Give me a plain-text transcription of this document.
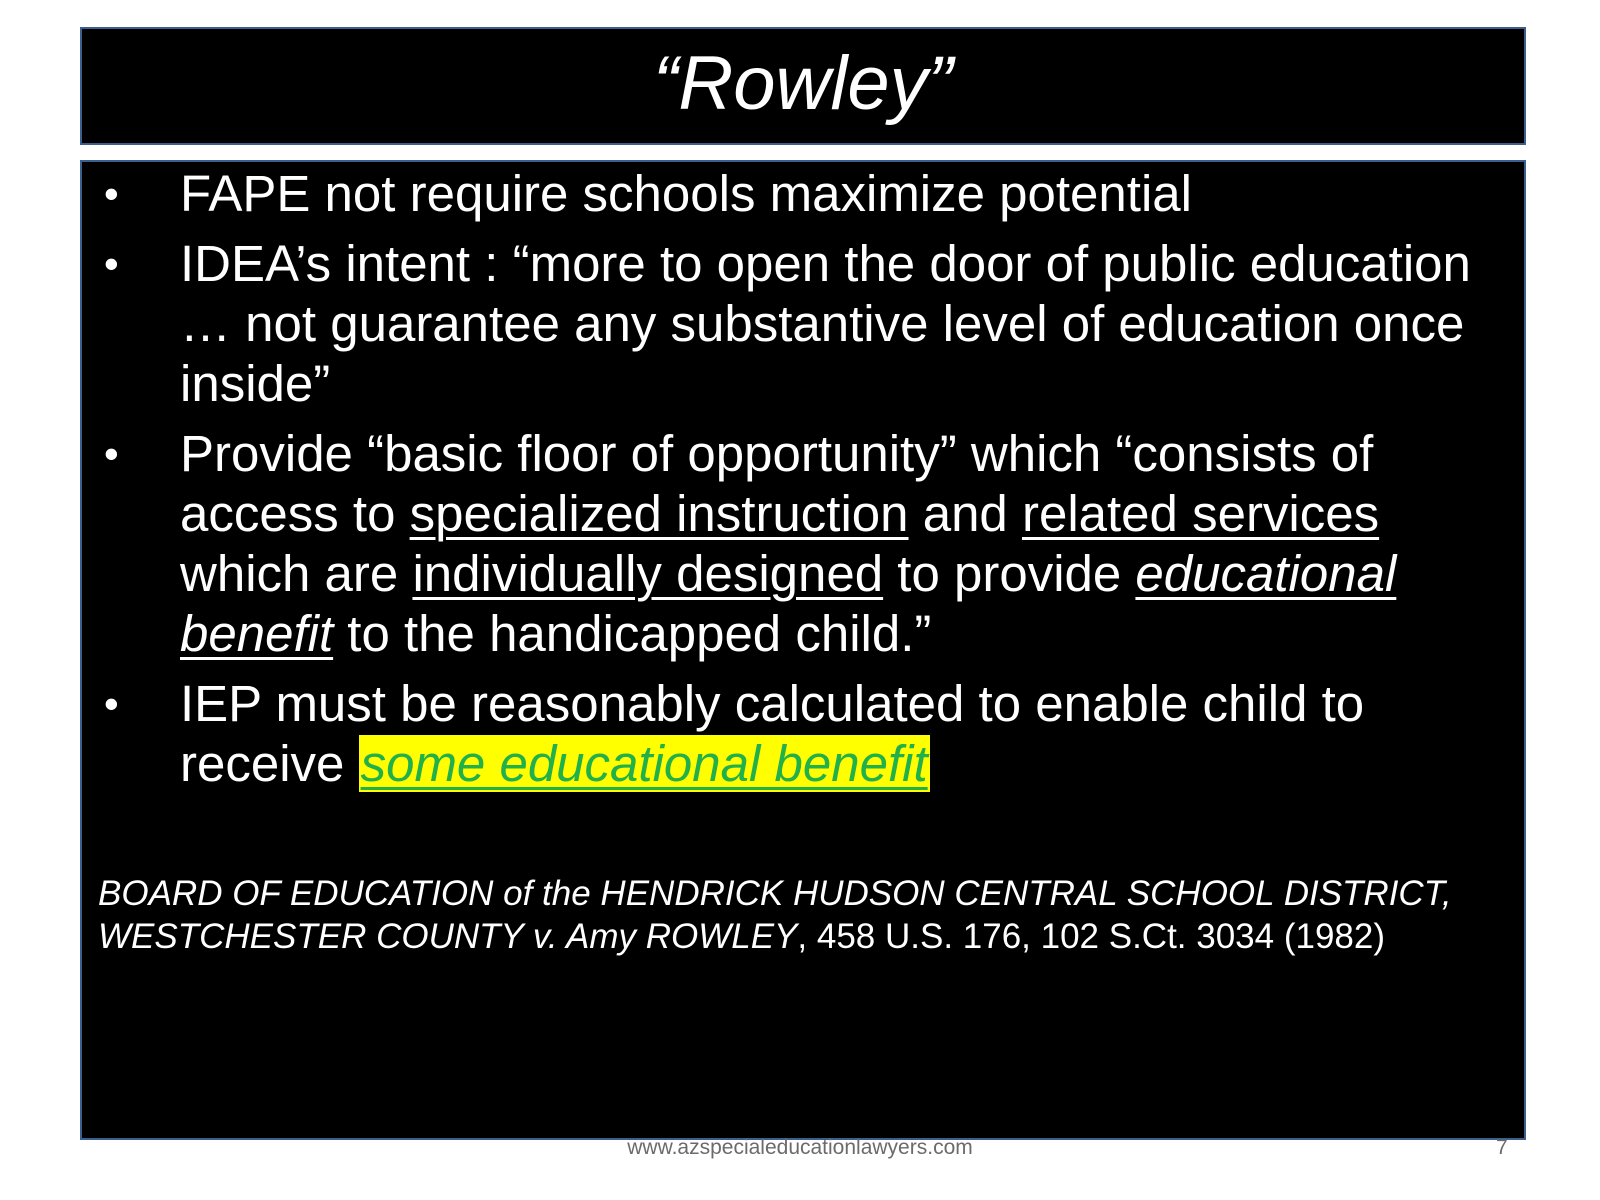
“Rowley”
• FAPE not require schools maximize potential
• IDEA’s intent : “more to open the door of public education … not guarantee any substantive level of education once inside”
• Provide “basic floor of opportunity” which “consists of access to specialized instruction and related services which are individually designed to provide educational benefit to the handicapped child.”
• IEP must be reasonably calculated to enable child to receive some educational benefit
BOARD OF EDUCATION of the HENDRICK HUDSON CENTRAL SCHOOL DISTRICT, WESTCHESTER COUNTY v. Amy ROWLEY, 458 U.S. 176, 102 S.Ct. 3034 (1982)
www.azspecialeducationlawyers.com	7
